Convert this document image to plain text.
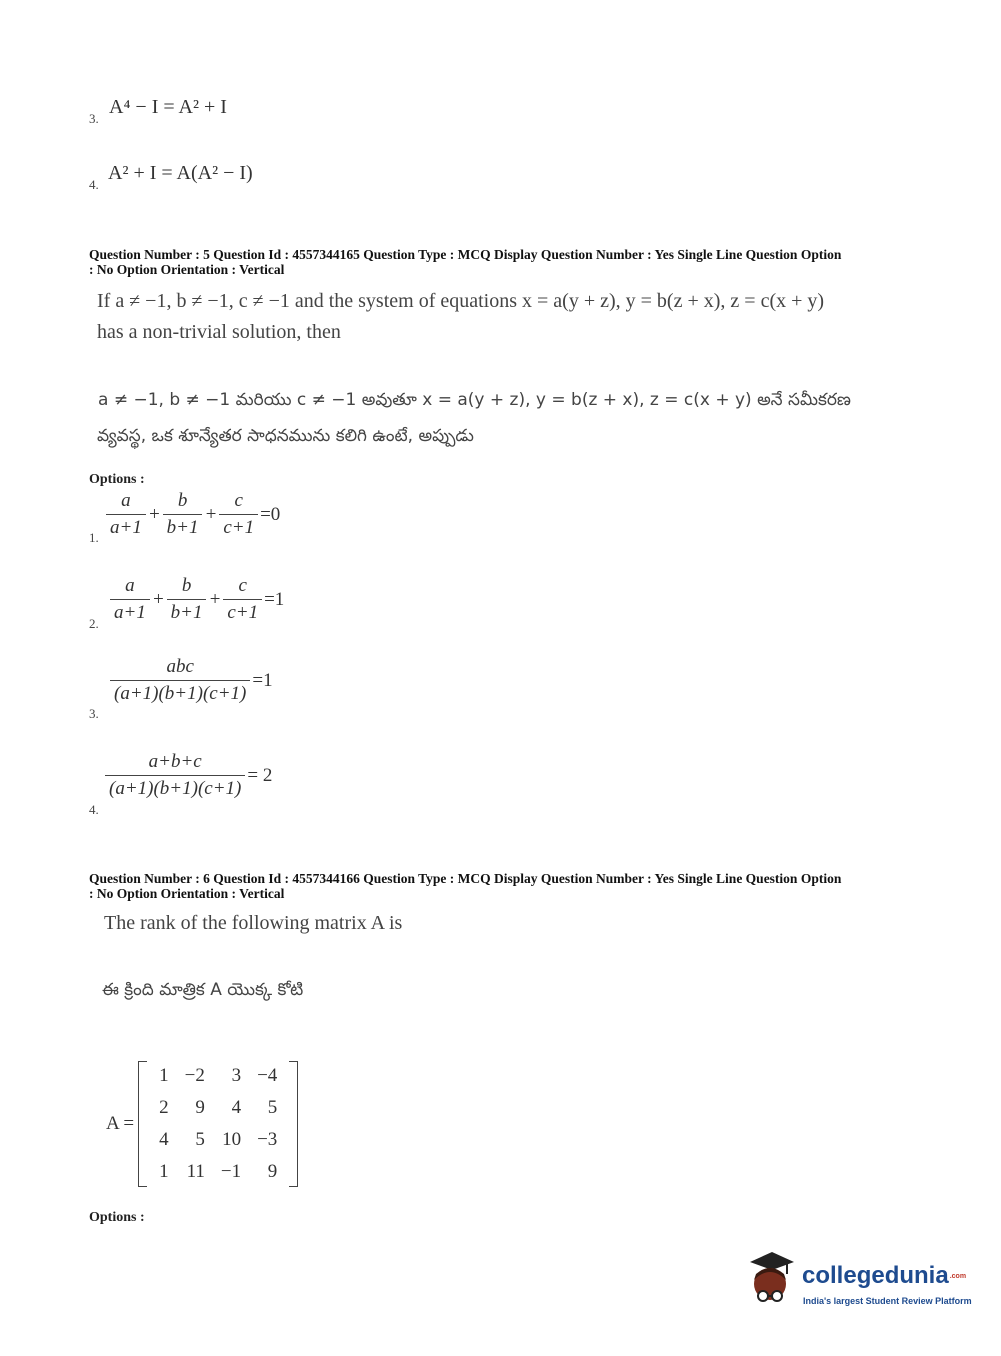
3.
A⁴ − I = A² + I
4.
A² + I = A(A² − I)
Question Number : 5 Question Id : 4557344165 Question Type : MCQ Display Question Number : Yes Single Line Question Option
: No Option Orientation : Vertical
If a ≠ −1, b ≠ −1, c ≠ −1 and the system of equations x = a(y + z), y = b(z + x), z = c(x + y)
has a non-trivial solution, then
a ≠ −1, b ≠ −1 మరియు c ≠ −1 అవుతూ x = a(y + z), y = b(z + x), z = c(x + y) అనే సమీకరణ
వ్యవస్థ, ఒక శూన్యేతర సాధనమును కలిగి ఉంటే, అప్పుడు
Options :
1. $\frac{a}{a+1} + \frac{b}{b+1} + \frac{c}{c+1} =0$
2. $\frac{a}{a+1} + \frac{b}{b+1} + \frac{c}{c+1} =1$
3.
$\frac{\text{abc}}{(a+1)(b+1)(c+1)} =1$
4.
$\frac{a+b+c}{(a+1)(b+1)(c+1)} = 2$
Question Number : 6 Question Id : 4557344166 Question Type : MCQ Display Question Number : Yes Single Line Question Option
: No Option Orientation : Vertical
The rank of the following matrix A is
ఈ క్రింది మాత్రిక A యొక్క కోటి
A =
1	−2	3	−4
2	9	4	5
4	5	10	−3
1	11	−1	9
Options :
collegedunia.com
India's largest Student Review Platform
